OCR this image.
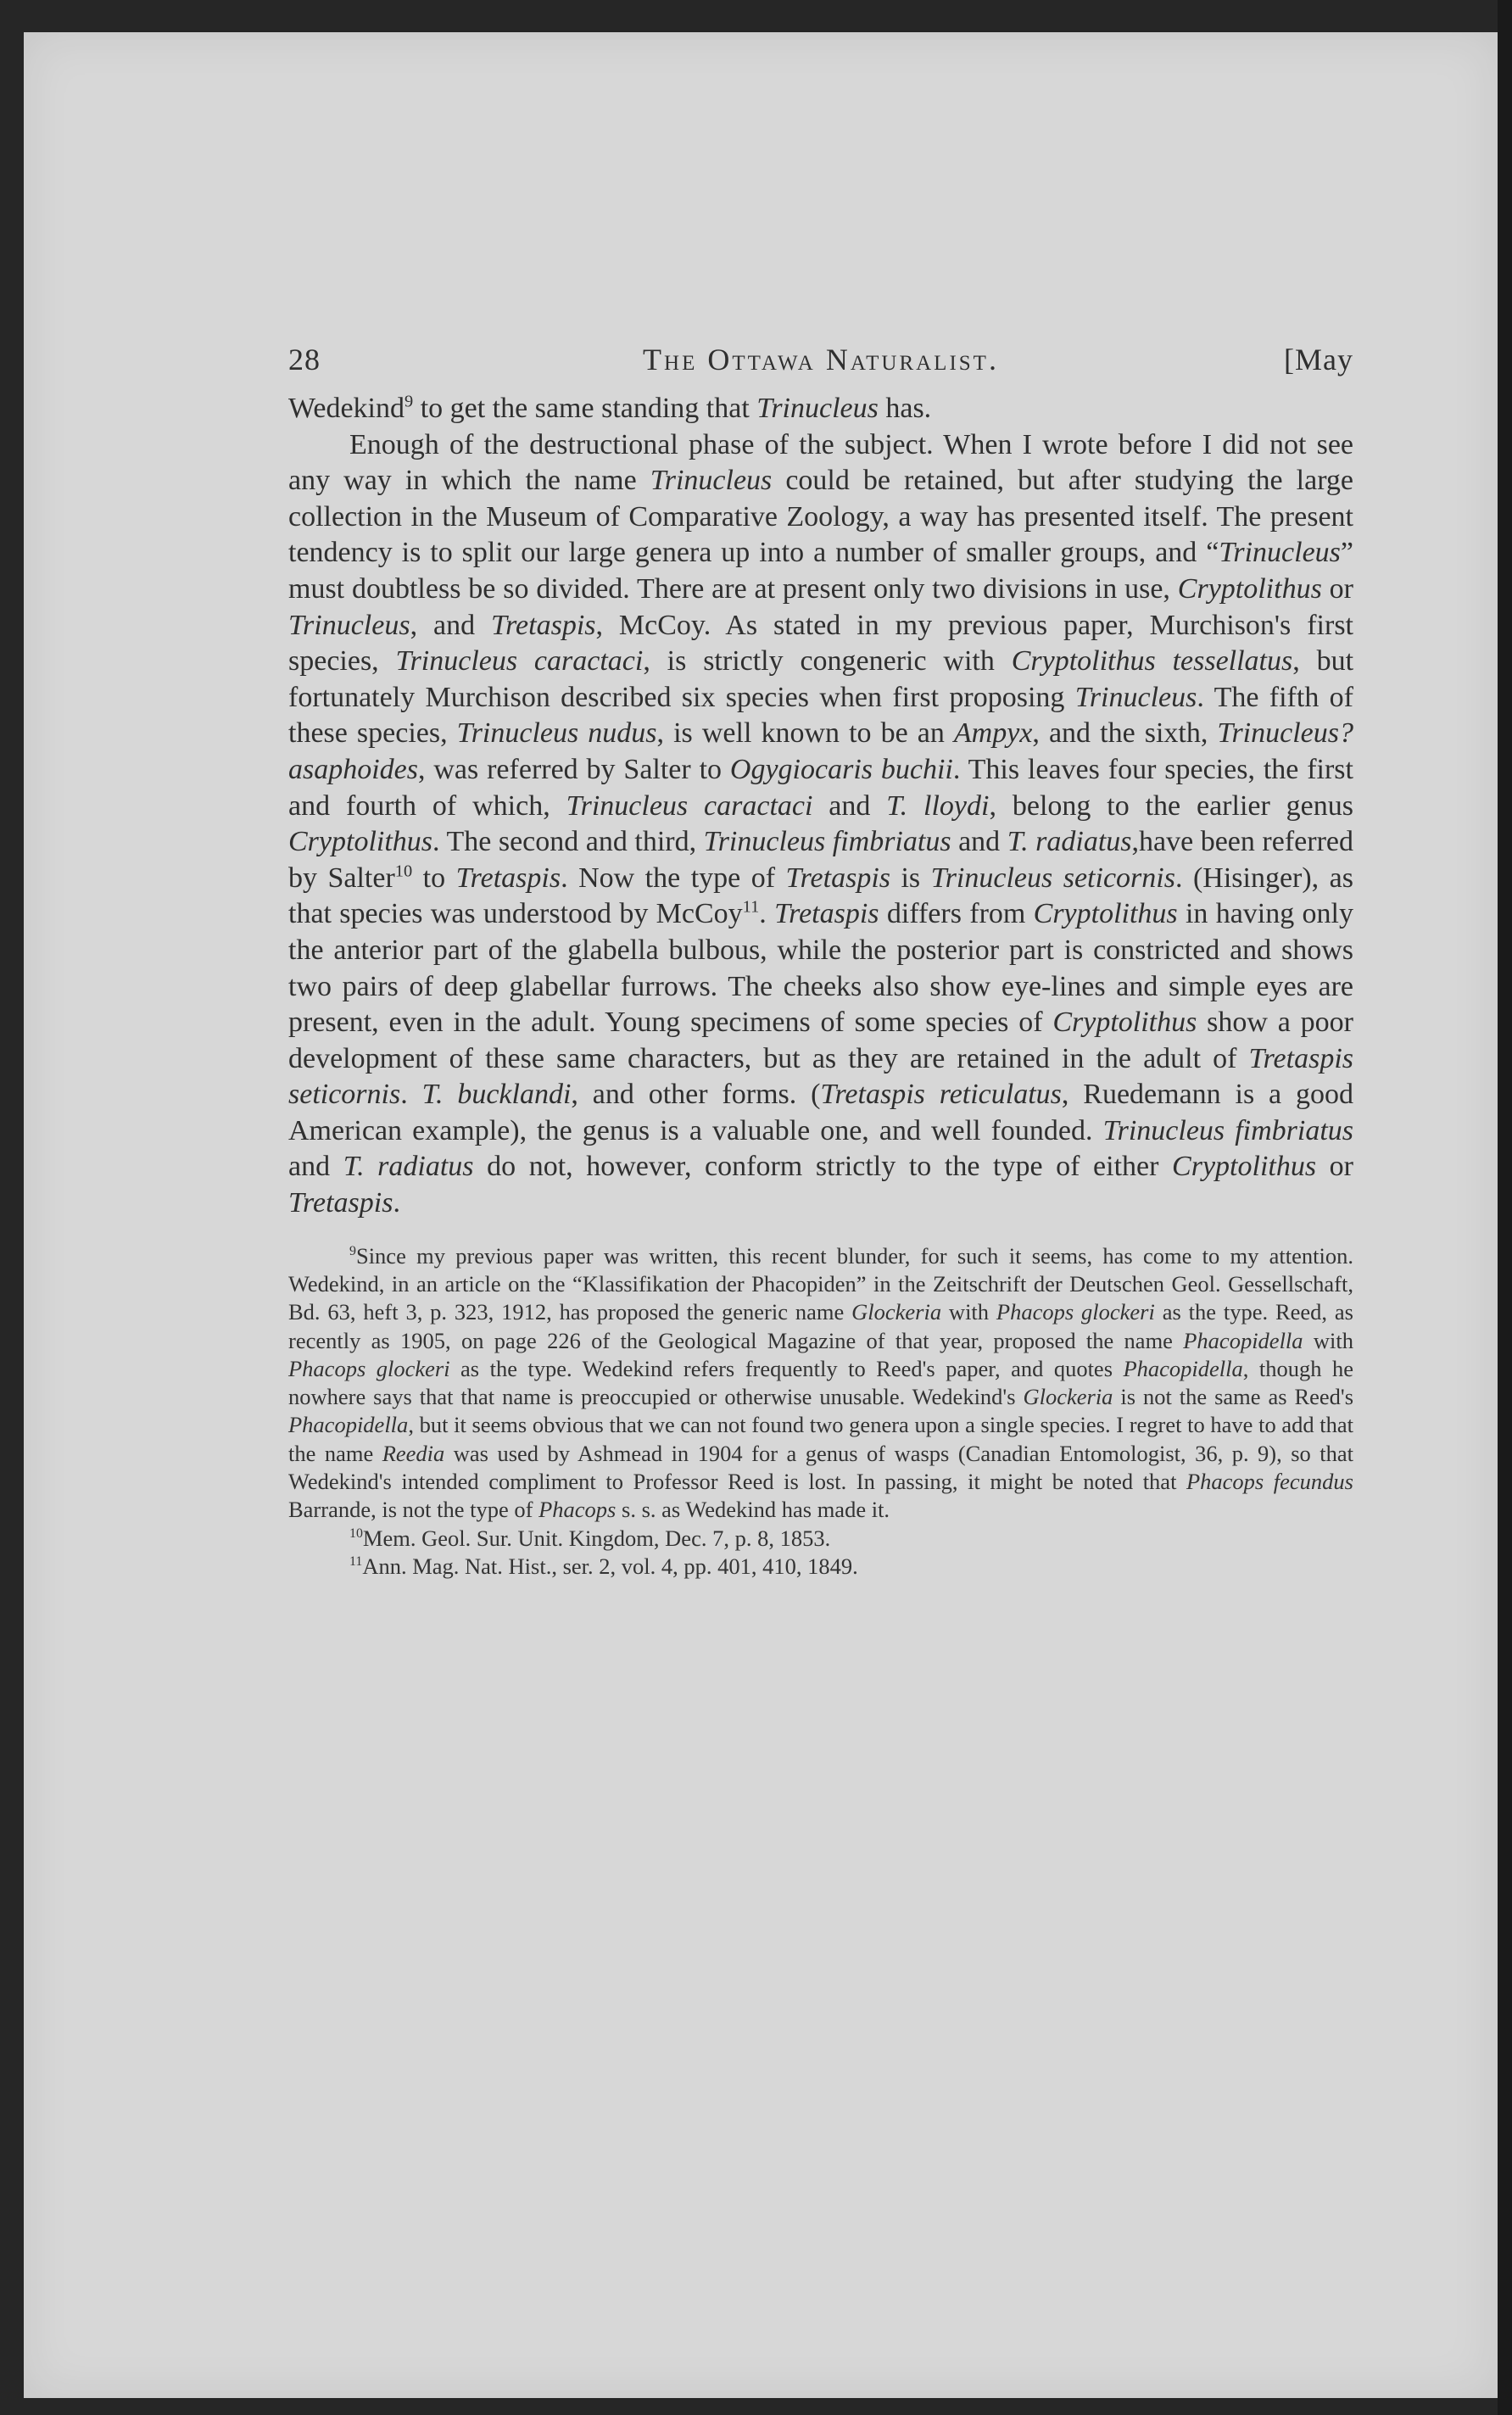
28	The Ottawa Naturalist.	[May

Wedekind$^9$ to get the same standing that Trinucleus has.

Enough of the destructional phase of the subject. When I wrote before I did not see any way in which the name Trinucleus could be retained, but after studying the large collection in the Museum of Comparative Zoology, a way has presented itself. The present tendency is to split our large genera up into a number of smaller groups, and “Trinucleus” must doubtless be so divided. There are at present only two divisions in use, Cryptolithus or Trinucleus, and Tretaspis, McCoy. As stated in my previous paper, Murchison's first species, Trinucleus caractaci, is strictly congeneric with Cryptolithus tessellatus, but fortunately Murchison described six species when first proposing Trinucleus. The fifth of these species, Trinucleus nudus, is well known to be an Ampyx, and the sixth, Trinucleus? asaphoides, was referred by Salter to Ogygiocaris buchii. This leaves four species, the first and fourth of which, Trinucleus caractaci and T. lloydi, belong to the earlier genus Cryptolithus. The second and third, Trinucleus fimbriatus and T. radiatus,have been referred by Salter$^{10}$ to Tretaspis. Now the type of Tretaspis is Trinucleus seticornis. (Hisinger), as that species was understood by McCoy$^{11}$. Tretaspis differs from Cryptolithus in having only the anterior part of the glabella bulbous, while the posterior part is constricted and shows two pairs of deep glabellar furrows. The cheeks also show eye-lines and simple eyes are present, even in the adult. Young specimens of some species of Cryptolithus show a poor development of these same characters, but as they are retained in the adult of Tretaspis seticornis. T. bucklandi, and other forms. (Tretaspis reticulatus, Ruedemann is a good American example), the genus is a valuable one, and well founded. Trinucleus fimbriatus and T. radiatus do not, however, conform strictly to the type of either Cryptolithus or Tretaspis.

$^9$Since my previous paper was written, this recent blunder, for such it seems, has come to my attention. Wedekind, in an article on the “Klassifikation der Phacopiden” in the Zeitschrift der Deutschen Geol. Gessellschaft, Bd. 63, heft 3, p. 323, 1912, has proposed the generic name Glockeria with Phacops glockeri as the type. Reed, as recently as 1905, on page 226 of the Geological Magazine of that year, proposed the name Phacopidella with Phacops glockeri as the type. Wedekind refers frequently to Reed's paper, and quotes Phacopidella, though he nowhere says that that name is preoccupied or otherwise unusable. Wedekind's Glockeria is not the same as Reed's Phacopidella, but it seems obvious that we can not found two genera upon a single species. I regret to have to add that the name Reedia was used by Ashmead in 1904 for a genus of wasps (Canadian Entomologist, 36, p. 9), so that Wedekind's intended compliment to Professor Reed is lost. In passing, it might be noted that Phacops fecundus Barrande, is not the type of Phacops s. s. as Wedekind has made it.

$^{10}$Mem. Geol. Sur. Unit. Kingdom, Dec. 7, p. 8, 1853.

$^{11}$Ann. Mag. Nat. Hist., ser. 2, vol. 4, pp. 401, 410, 1849.
